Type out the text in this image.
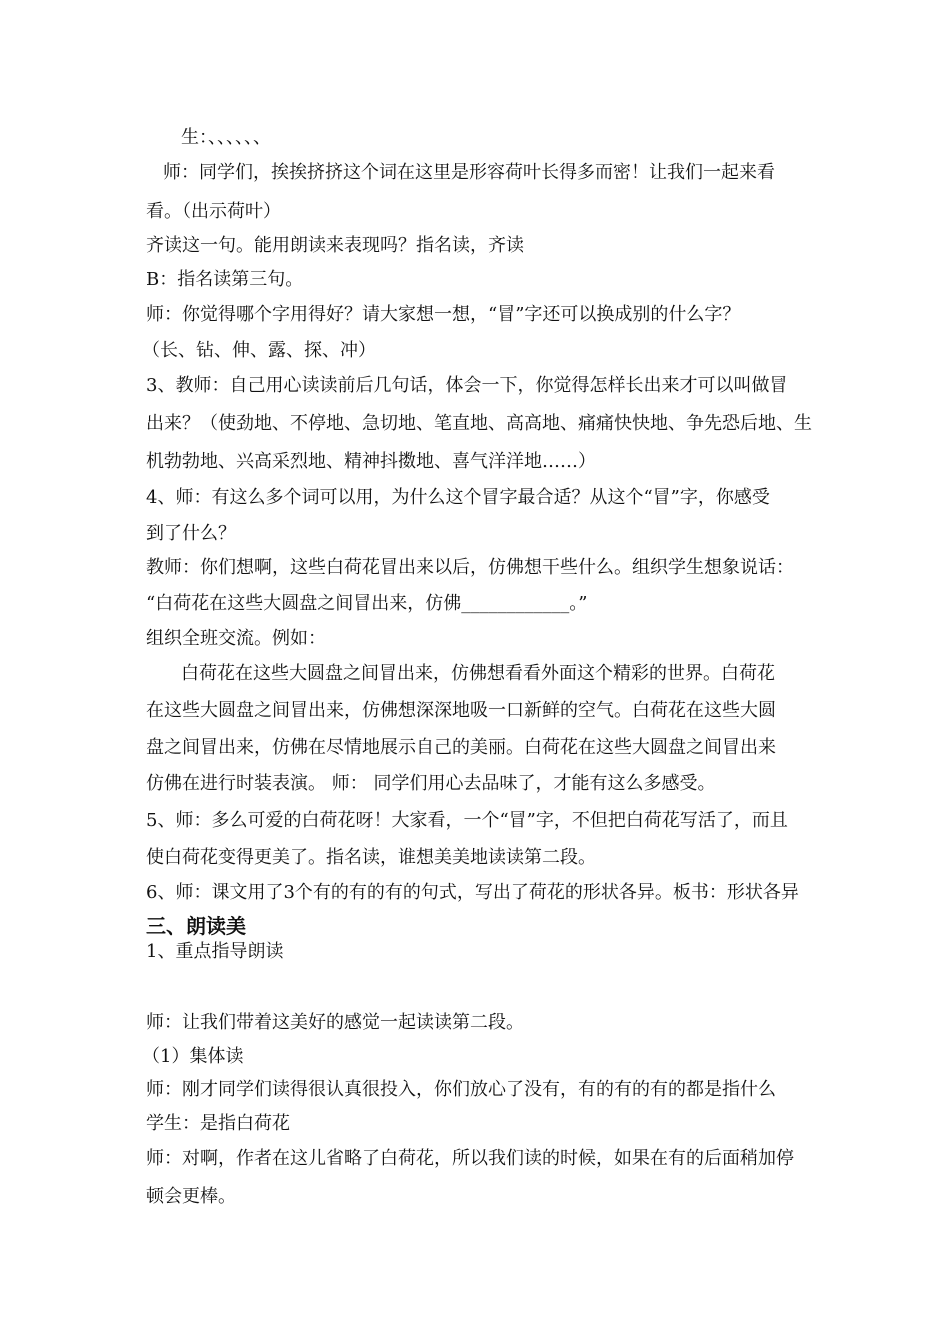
生：、、、、、、
师：同学们，挨挨挤挤这个词在这里是形容荷叶长得多而密！让我们一起来看
看。（出示荷叶）
齐读这一句。能用朗读来表现吗？指名读，齐读
B：指名读第三句。
师：你觉得哪个字用得好？请大家想一想，“冒”字还可以换成别的什么字？
（长、钻、伸、露、探、冲）
3、教师：自己用心读读前后几句话，体会一下，你觉得怎样长出来才可以叫做冒
出来？（使劲地、不停地、急切地、笔直地、高高地、痛痛快快地、争先恐后地、生
机勃勃地、兴高采烈地、精神抖擞地、喜气洋洋地……）
4、师：有这么多个词可以用，为什么这个冒字最合适？从这个“冒”字，你感受
到了什么？
教师：你们想啊，这些白荷花冒出来以后，仿佛想干些什么。组织学生想象说话：
“白荷花在这些大圆盘之间冒出来，仿佛____________。”
组织全班交流。例如：
白荷花在这些大圆盘之间冒出来，仿佛想看看外面这个精彩的世界。白荷花
在这些大圆盘之间冒出来，仿佛想深深地吸一口新鲜的空气。白荷花在这些大圆
盘之间冒出来，仿佛在尽情地展示自己的美丽。白荷花在这些大圆盘之间冒出来
仿佛在进行时装表演。 师： 同学们用心去品味了，才能有这么多感受。
5、师：多么可爱的白荷花呀！大家看，一个“冒”字，不但把白荷花写活了，而且
使白荷花变得更美了。指名读，谁想美美地读读第二段。
6、师：课文用了3个有的有的有的句式，写出了荷花的形状各异。板书：形状各异
三、朗读美
1、重点指导朗读
师：让我们带着这美好的感觉一起读读第二段。
（1）集体读
师：刚才同学们读得很认真很投入，你们放心了没有，有的有的有的都是指什么
学生：是指白荷花
师：对啊，作者在这儿省略了白荷花，所以我们读的时候，如果在有的后面稍加停
顿会更棒。
